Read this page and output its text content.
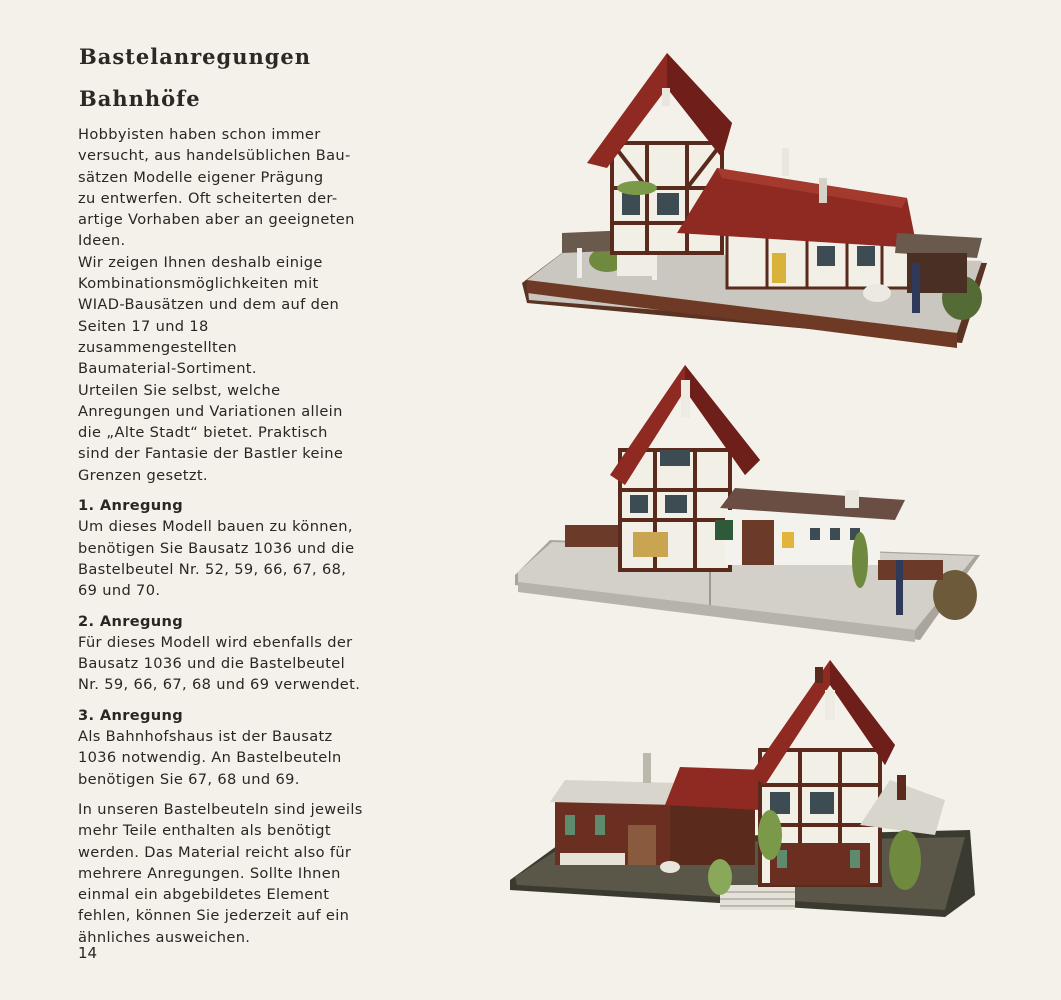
Bastelanregungen
Bahnhöfe

Hobbyisten haben schon immer

versucht, aus handelsüblichen Bau-

sätzen Modelle eigener Prägung

zu entwerfen. Oft scheiterten der-

artige Vorhaben aber an geeigneten

Ideen.

Wir zeigen Ihnen deshalb einige

Kombinationsmöglichkeiten mit

WIAD-Bausätzen und dem auf den

Seiten 17 und 18 zusammengestellten

Baumaterial-Sortiment.

Urteilen Sie selbst, welche

Anregungen und Variationen allein

die „Alte Stadt“ bietet. Praktisch

sind der Fantasie der Bastler keine

Grenzen gesetzt.

1. Anregung

Um dieses Modell bauen zu können,

benötigen Sie Bausatz 1036 und die

Bastelbeutel Nr. 52, 59, 66, 67, 68,

69 und 70.

2. Anregung

Für dieses Modell wird ebenfalls der

Bausatz 1036 und die Bastelbeutel

Nr. 59, 66, 67, 68 und 69 verwendet.

3. Anregung

Als Bahnhofshaus ist der Bausatz

1036 notwendig. An Bastelbeuteln

benötigen Sie 67, 68 und 69.

In unseren Bastelbeuteln sind jeweils

mehr Teile enthalten als benötigt

werden. Das Material reicht also für

mehrere Anregungen. Sollte Ihnen

einmal ein abgebildetes Element

fehlen, können Sie jederzeit auf ein

ähnliches ausweichen.

14
